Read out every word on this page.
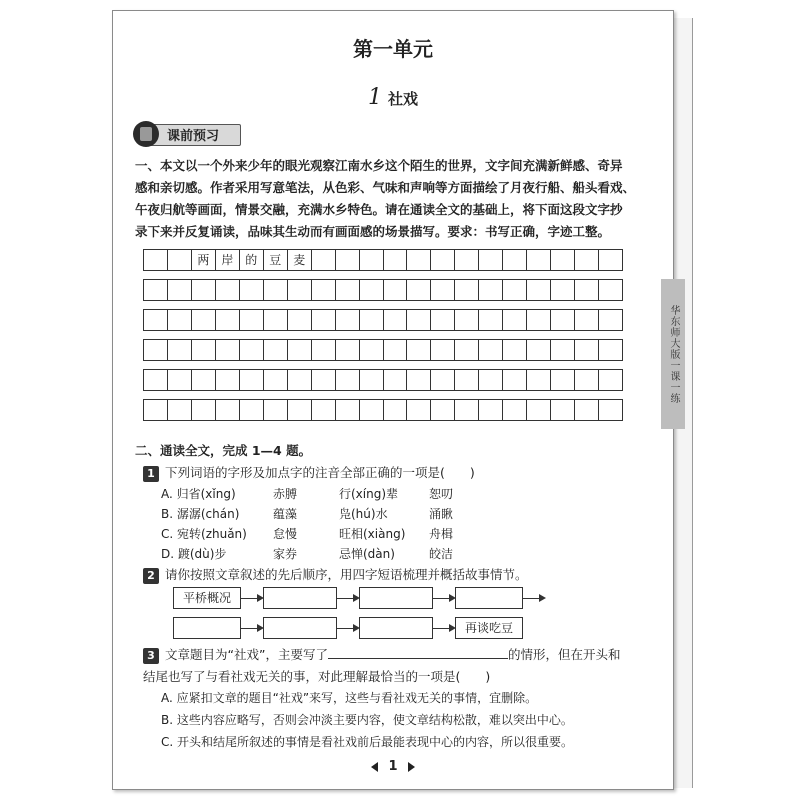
第一单元
1 社戏
课前预习
一、本文以一个外来少年的眼光观察江南水乡这个陌生的世界，文字间充满新鲜感、奇异
感和亲切感。作者采用写意笔法，从色彩、气味和声响等方面描绘了月夜行船、船头看戏、
午夜归航等画面，情景交融，充满水乡特色。请在通读全文的基础上，将下面这段文字抄
录下来并反复诵读，品味其生动而有画面感的场景描写。要求：书写正确，字迹工整。
两 岸 的 豆 麦
二、通读全文，完成 1—4 题。
1 下列词语的字形及加点字的注音全部正确的一项是(　　)
A. 归省(xǐng)	赤膊	行(xíng)辈	恕叨
B. 潺潺(chán)	蕴藻	凫(hú)水	涌瞅
C. 宛转(zhuǎn) 怠慢	旺相(xiàng) 舟楫
D. 踱(dù)步	家券	忌惮(dàn)	皎洁
2 请你按照文章叙述的先后顺序，用四字短语梳理并概括故事情节。
平桥概况
再谈吃豆
3 文章题目为“社戏”，主要写了	的情形，但在开头和
结尾也写了与看社戏无关的事，对此理解最恰当的一项是(　　)
A. 应紧扣文章的题目“社戏”来写，这些与看社戏无关的事情，宜删除。
B. 这些内容应略写，否则会冲淡主要内容，使文章结构松散，难以突出中心。
C. 开头和结尾所叙述的事情是看社戏前后最能表现中心的内容，所以很重要。
华东师大版一课一练
1
